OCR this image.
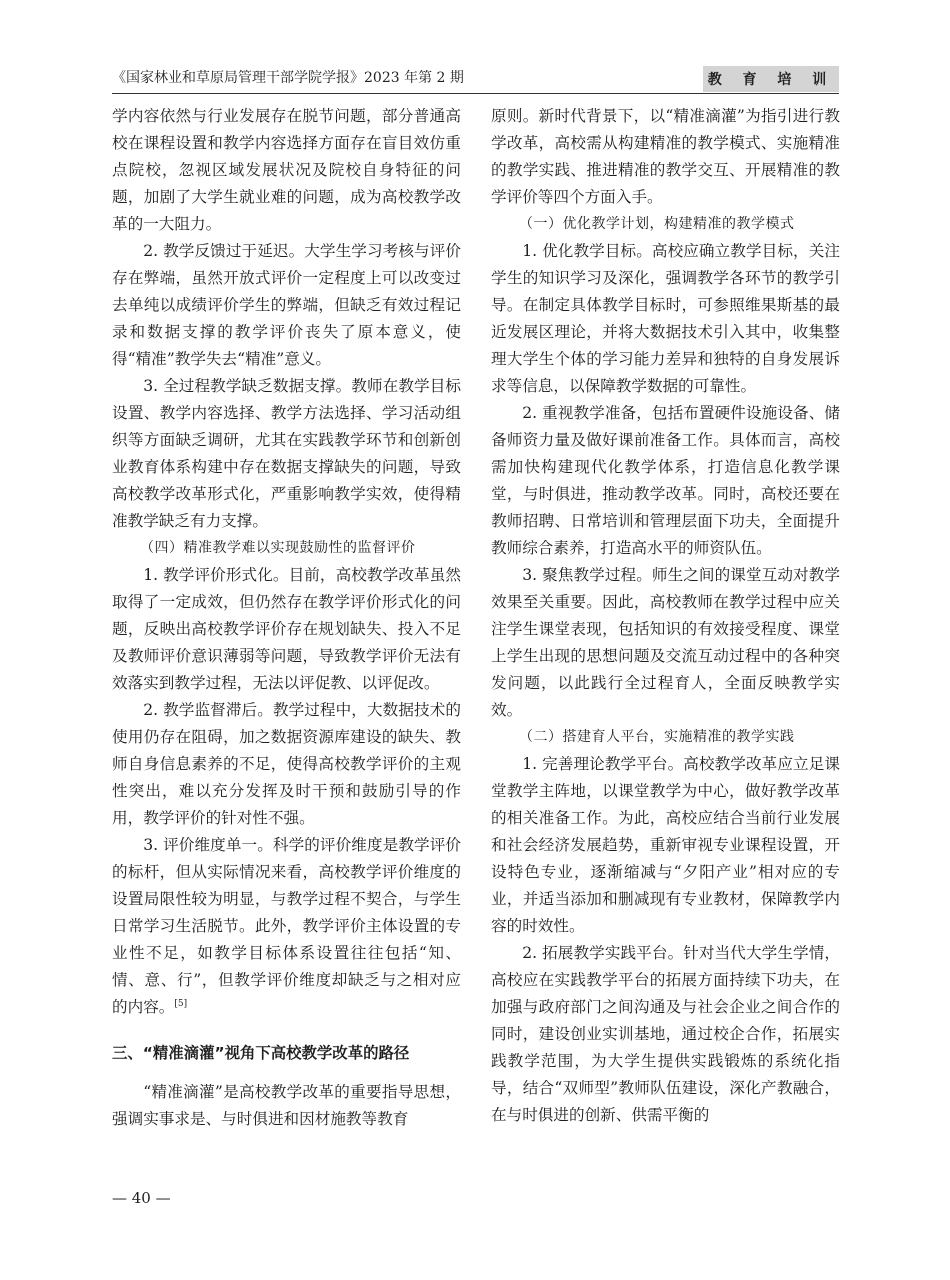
《国家林业和草原局管理干部学院学报》2023 年第 2 期	教 育 培 训

学内容依然与行业发展存在脱节问题，部分普通高校在课程设置和教学内容选择方面存在盲目效仿重点院校，忽视区域发展状况及院校自身特征的问题，加剧了大学生就业难的问题，成为高校教学改革的一大阻力。

2. 教学反馈过于延迟。大学生学习考核与评价存在弊端，虽然开放式评价一定程度上可以改变过去单纯以成绩评价学生的弊端，但缺乏有效过程记录和数据支撑的教学评价丧失了原本意义，使得“精准”教学失去“精准”意义。

3. 全过程教学缺乏数据支撑。教师在教学目标设置、教学内容选择、教学方法选择、学习活动组织等方面缺乏调研，尤其在实践教学环节和创新创业教育体系构建中存在数据支撑缺失的问题，导致高校教学改革形式化，严重影响教学实效，使得精准教学缺乏有力支撑。

（四）精准教学难以实现鼓励性的监督评价

1. 教学评价形式化。目前，高校教学改革虽然取得了一定成效，但仍然存在教学评价形式化的问题，反映出高校教学评价存在规划缺失、投入不足及教师评价意识薄弱等问题，导致教学评价无法有效落实到教学过程，无法以评促教、以评促改。

2. 教学监督滞后。教学过程中，大数据技术的使用仍存在阻碍，加之数据资源库建设的缺失、教师自身信息素养的不足，使得高校教学评价的主观性突出，难以充分发挥及时干预和鼓励引导的作用，教学评价的针对性不强。

3. 评价维度单一。科学的评价维度是教学评价的标杆，但从实际情况来看，高校教学评价维度的设置局限性较为明显，与教学过程不契合，与学生日常学习生活脱节。此外，教学评价主体设置的专业性不足，如教学目标体系设置往往包括“知、情、意、行”，但教学评价维度却缺乏与之相对应的内容。[5]

三、“精准滴灌”视角下高校教学改革的路径

“精准滴灌”是高校教学改革的重要指导思想，强调实事求是、与时俱进和因材施教等教育

原则。新时代背景下，以“精准滴灌”为指引进行教学改革，高校需从构建精准的教学模式、实施精准的教学实践、推进精准的教学交互、开展精准的教学评价等四个方面入手。

（一）优化教学计划，构建精准的教学模式

1. 优化教学目标。高校应确立教学目标，关注学生的知识学习及深化，强调教学各环节的教学引导。在制定具体教学目标时，可参照维果斯基的最近发展区理论，并将大数据技术引入其中，收集整理大学生个体的学习能力差异和独特的自身发展诉求等信息，以保障教学数据的可靠性。

2. 重视教学准备，包括布置硬件设施设备、储备师资力量及做好课前准备工作。具体而言，高校需加快构建现代化教学体系，打造信息化教学课堂，与时俱进，推动教学改革。同时，高校还要在教师招聘、日常培训和管理层面下功夫，全面提升教师综合素养，打造高水平的师资队伍。

3. 聚焦教学过程。师生之间的课堂互动对教学效果至关重要。因此，高校教师在教学过程中应关注学生课堂表现，包括知识的有效接受程度、课堂上学生出现的思想问题及交流互动过程中的各种突发问题，以此践行全过程育人，全面反映教学实效。

（二）搭建育人平台，实施精准的教学实践

1. 完善理论教学平台。高校教学改革应立足课堂教学主阵地，以课堂教学为中心，做好教学改革的相关准备工作。为此，高校应结合当前行业发展和社会经济发展趋势，重新审视专业课程设置，开设特色专业，逐渐缩减与“夕阳产业”相对应的专业，并适当添加和删减现有专业教材，保障教学内容的时效性。

2. 拓展教学实践平台。针对当代大学生学情，高校应在实践教学平台的拓展方面持续下功夫，在加强与政府部门之间沟通及与社会企业之间合作的同时，建设创业实训基地，通过校企合作，拓展实践教学范围，为大学生提供实践锻炼的系统化指导，结合“双师型”教师队伍建设，深化产教融合，在与时俱进的创新、供需平衡的

— 40 —
